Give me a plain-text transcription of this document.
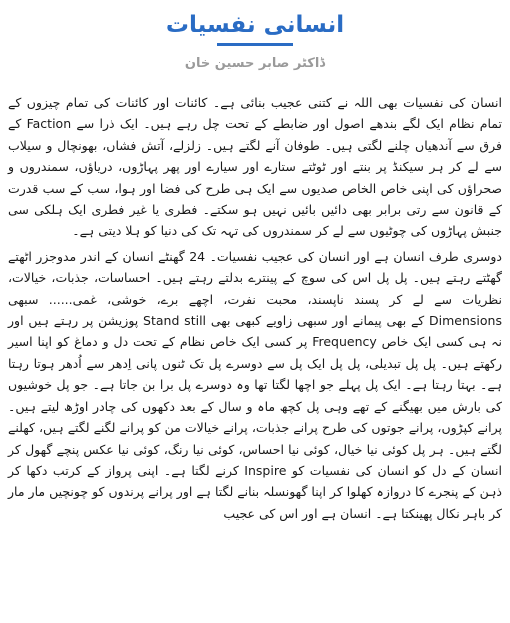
انسانی نفسیات
ڈاکٹر صابر حسین خان

انسان کی نفسیات بھی اللہ نے کتنی عجیب بنائی ہے۔ کائنات اور کائنات کی تمام چیزوں کے تمام نظام ایک لگے بندھے اصول اور ضابطے کے تحت چل رہے ہیں۔ ایک ذرا سے Faction کے فرق سے آندھیاں چلنے لگتی ہیں۔ طوفان آنے لگتے ہیں۔ زلزلے، آتش فشاں، بھونچال و سیلاب سے لے کر ہر سیکنڈ پر بنتے اور ٹوٹتے ستارے اور سیارے اور پھر پہاڑوں، دریاؤں، سمندروں و صحراؤں کی اپنی خاص الخاص صدیوں سے ایک ہی طرح کی فضا اور ہوا، سب کے سب قدرت کے قانون سے رتی برابر بھی دائیں بائیں نہیں ہو سکتے۔ فطری یا غیر فطری ایک ہلکی سی جنبش پہاڑوں کی چوٹیوں سے لے کر سمندروں کی تہہ تک کی دنیا کو ہلا دیتی ہے۔

دوسری طرف انسان ہے اور انسان کی عجیب نفسیات۔ 24 گھنٹے انسان کے اندر مدوجزر اٹھتے گھٹتے رہتے ہیں۔ پل پل اس کی سوچ کے پینترے بدلتے رہتے ہیں۔ احساسات، جذبات، خیالات، نظریات سے لے کر پسند ناپسند، محبت نفرت، اچھے برے، خوشی، غمی...... سبھی Dimensions کے بھی پیمانے اور سبھی زاویے کبھی بھی Stand still پوزیشن پر رہتے ہیں اور نہ ہی کسی ایک خاص Frequency پر کسی ایک خاص نظام کے تحت دل و دماغ کو اپنا اسیر رکھتے ہیں۔ پل پل تبدیلی، پل پل ایک پل سے دوسرے پل تک ٹنوں پانی اِدھر سے اُدھر ہوتا رہتا ہے۔ بہتا رہتا ہے۔ ایک پل پہلے جو اچھا لگتا تھا وہ دوسرے پل برا بن جاتا ہے۔ جو پل خوشیوں کی بارش میں بھیگنے کے تھے وہی پل کچھ ماہ و سال کے بعد دکھوں کی چادر اوڑھ لیتے ہیں۔ پرانے کپڑوں، پرانے جوتوں کی طرح پرانے جذبات، پرانے خیالات من کو پرانے لگنے لگتے ہیں، کھلنے لگتے ہیں۔ ہر پل کوئی نیا خیال، کوئی نیا احساس، کوئی نیا رنگ، کوئی نیا عکس پنچے گھول کر انسان کے دل کو انسان کی نفسیات کو Inspire کرنے لگتا ہے۔ اپنی پرواز کے کرتب دکھا کر ذہن کے پنجرے کا دروازہ کھلوا کر اپنا گھونسلہ بنانے لگتا ہے اور پرانے پرندوں کو چونچیں مار مار کر باہر نکال پھینکتا ہے۔ انسان ہے اور اس کی عجیب
